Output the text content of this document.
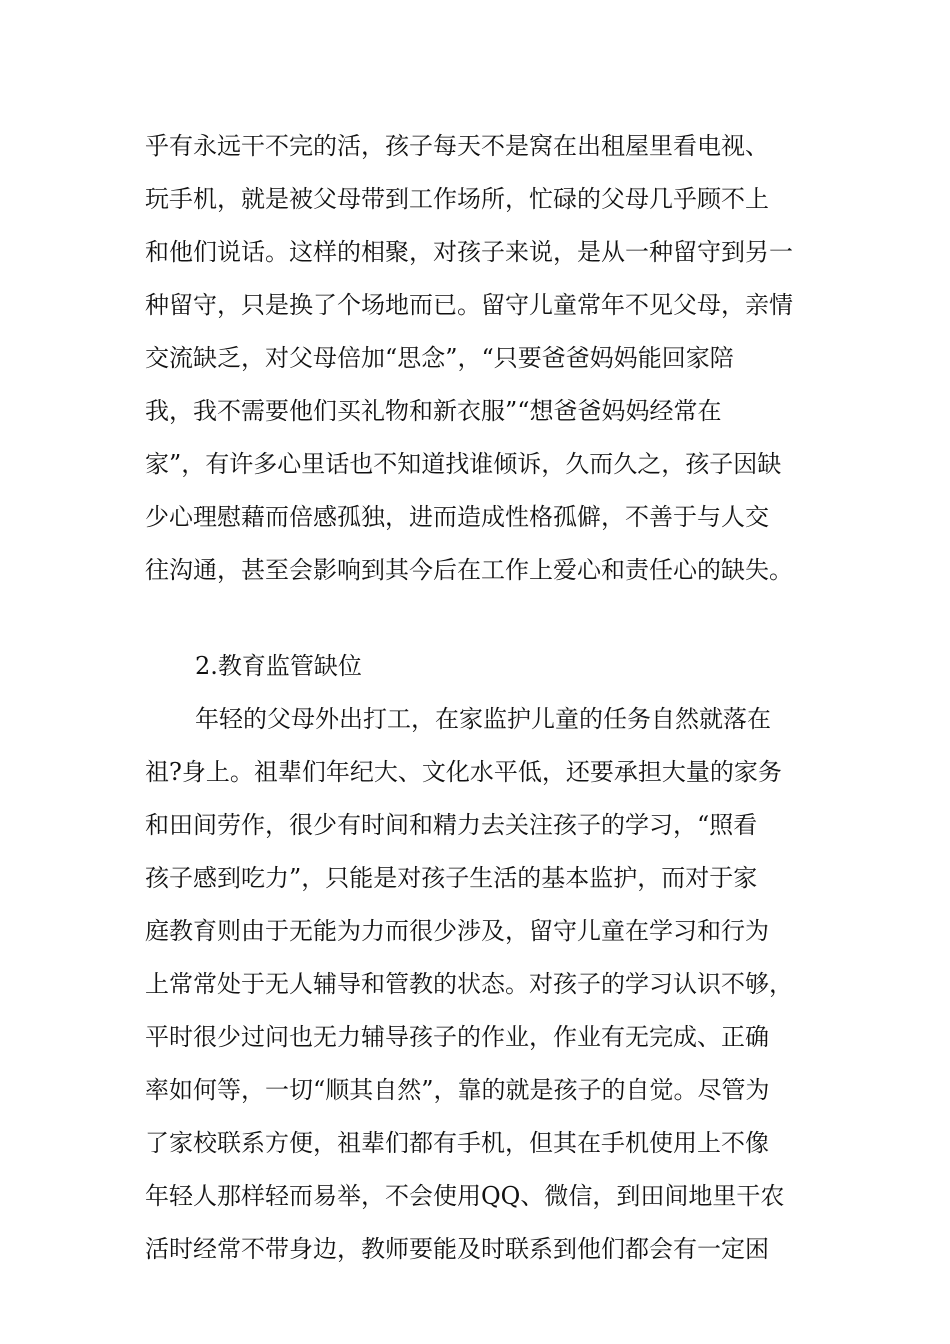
乎有永远干不完的活，孩子每天不是窝在出租屋里看电视、
玩手机，就是被父母带到工作场所，忙碌的父母几乎顾不上
和他们说话。这样的相聚，对孩子来说，是从一种留守到另一
种留守，只是换了个场地而已。留守儿童常年不见父母，亲情
交流缺乏，对父母倍加“思念”，“只要爸爸妈妈能回家陪
我，我不需要他们买礼物和新衣服”“想爸爸妈妈经常在
家”，有许多心里话也不知道找谁倾诉，久而久之，孩子因缺
少心理慰藉而倍感孤独，进而造成性格孤僻，不善于与人交
往沟通，甚至会影响到其今后在工作上爱心和责任心的缺失。
2.教育监管缺位
年轻的父母外出打工，在家监护儿童的任务自然就落在
祖?身上。祖辈们年纪大、文化水平低，还要承担大量的家务
和田间劳作，很少有时间和精力去关注孩子的学习，“照看
孩子感到吃力”，只能是对孩子生活的基本监护，而对于家
庭教育则由于无能为力而很少涉及，留守儿童在学习和行为
上常常处于无人辅导和管教的状态。对孩子的学习认识不够，
平时很少过问也无力辅导孩子的作业，作业有无完成、正确
率如何等，一切“顺其自然”，靠的就是孩子的自觉。尽管为
了家校联系方便，祖辈们都有手机，但其在手机使用上不像
年轻人那样轻而易举，不会使用QQ、微信，到田间地里干农
活时经常不带身边，教师要能及时联系到他们都会有一定困
